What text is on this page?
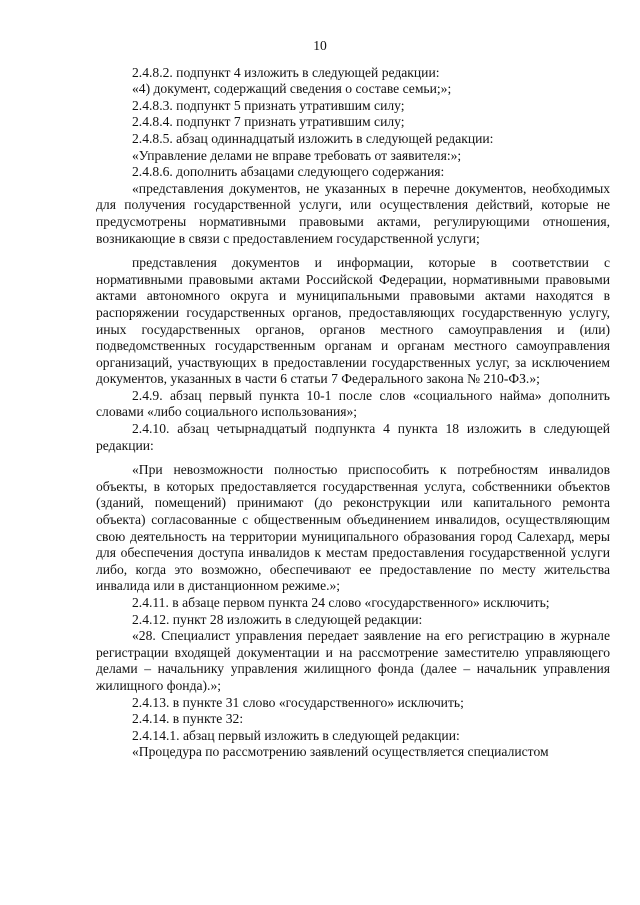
10

2.4.8.2. подпункт 4 изложить в следующей редакции:

«4) документ, содержащий сведения о составе семьи;»;

2.4.8.3. подпункт 5 признать утратившим силу;

2.4.8.4. подпункт 7 признать утратившим силу;

2.4.8.5. абзац одиннадцатый изложить в следующей редакции:

«Управление делами не вправе требовать от заявителя:»;

2.4.8.6. дополнить абзацами следующего содержания:

«представления документов, не указанных в перечне документов, необходимых для получения государственной услуги, или осуществления действий, которые не предусмотрены нормативными правовыми актами, регулирующими отношения, возникающие в связи с предоставлением государственной услуги;

представления документов и информации, которые в соответствии с нормативными правовыми актами Российской Федерации, нормативными правовыми актами автономного округа и муниципальными правовыми актами находятся в распоряжении государственных органов, предоставляющих государственную услугу, иных государственных органов, органов местного самоуправления и (или) подведомственных государственным органам и органам местного самоуправления организаций, участвующих в предоставлении государственных услуг, за исключением документов, указанных в части 6 статьи 7 Федерального закона № 210-ФЗ.»;

2.4.9. абзац первый пункта 10-1 после слов «социального найма» дополнить словами «либо социального использования»;

2.4.10. абзац четырнадцатый подпункта 4 пункта 18 изложить в следующей редакции:

«При невозможности полностью приспособить к потребностям инвалидов объекты, в которых предоставляется государственная услуга, собственники объектов (зданий, помещений) принимают (до реконструкции или капитального ремонта объекта) согласованные с общественным объединением инвалидов, осуществляющим свою деятельность на территории муниципального образования город Салехард, меры для обеспечения доступа инвалидов к местам предоставления государственной услуги либо, когда это возможно, обеспечивают ее предоставление по месту жительства инвалида или в дистанционном режиме.»;

2.4.11. в абзаце первом пункта 24 слово «государственного» исключить;

2.4.12. пункт 28 изложить в следующей редакции:

«28. Специалист управления передает заявление на его регистрацию в журнале регистрации входящей документации и на рассмотрение заместителю управляющего делами – начальнику управления жилищного фонда (далее – начальник управления жилищного фонда).»;

2.4.13. в пункте 31 слово «государственного» исключить;

2.4.14. в пункте 32:

2.4.14.1. абзац первый изложить в следующей редакции:

«Процедура по рассмотрению заявлений осуществляется специалистом
